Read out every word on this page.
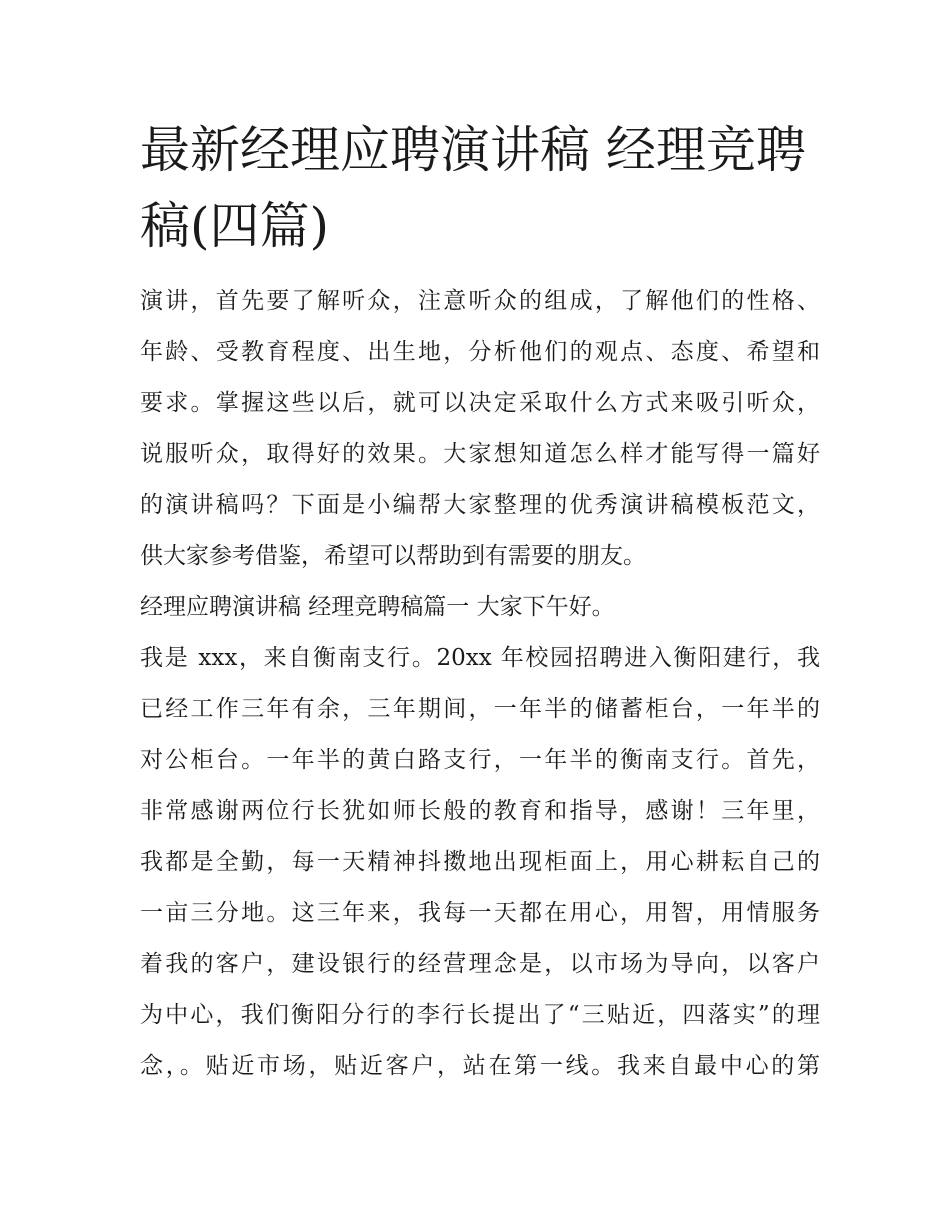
最新经理应聘演讲稿 经理竞聘
稿(四篇)
演讲，首先要了解听众，注意听众的组成，了解他们的性格、
年龄、受教育程度、出生地，分析他们的观点、态度、希望和
要求。掌握这些以后，就可以决定采取什么方式来吸引听众，
说服听众，取得好的效果。大家想知道怎么样才能写得一篇好
的演讲稿吗？下面是小编帮大家整理的优秀演讲稿模板范文，
供大家参考借鉴，希望可以帮助到有需要的朋友。
经理应聘演讲稿 经理竞聘稿篇一 大家下午好。
我是 xxx，来自衡南支行。20xx 年校园招聘进入衡阳建行，我
已经工作三年有余，三年期间，一年半的储蓄柜台，一年半的
对公柜台。一年半的黄白路支行，一年半的衡南支行。首先，
非常感谢两位行长犹如师长般的教育和指导，感谢！三年里，
我都是全勤，每一天精神抖擞地出现柜面上，用心耕耘自己的
一亩三分地。这三年来，我每一天都在用心，用智，用情服务
着我的客户，建设银行的经营理念是，以市场为导向，以客户
为中心，我们衡阳分行的李行长提出了“三贴近，四落实”的理
念，。贴近市场，贴近客户，站在第一线。我来自最中心的第
